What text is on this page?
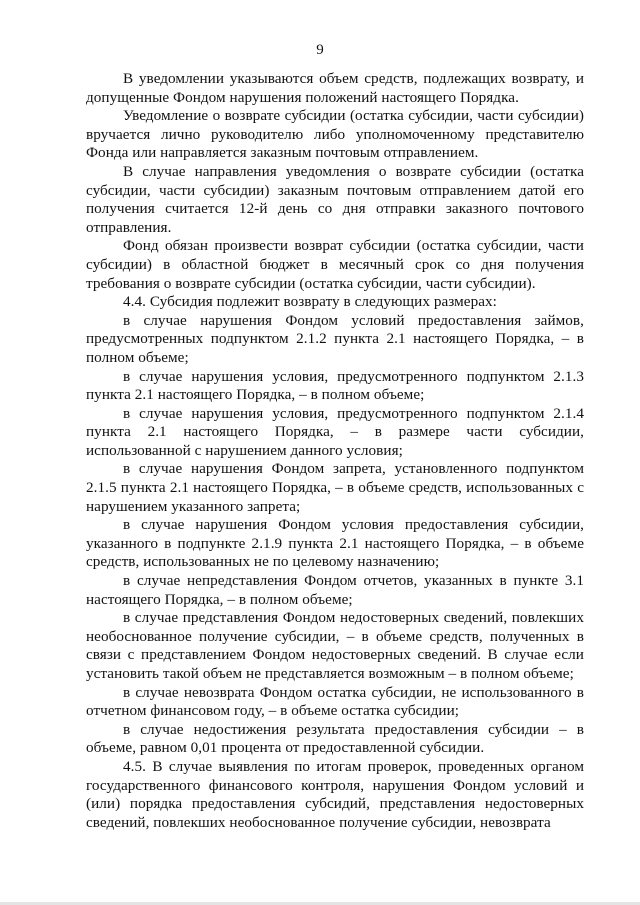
9

В уведомлении указываются объем средств, подлежащих возврату, и допущенные Фондом нарушения положений настоящего Порядка.

Уведомление о возврате субсидии (остатка субсидии, части субсидии) вручается лично руководителю либо уполномоченному представителю Фонда или направляется заказным почтовым отправлением.

В случае направления уведомления о возврате субсидии (остатка субсидии, части субсидии) заказным почтовым отправлением датой его получения считается 12-й день со дня отправки заказного почтового отправления.

Фонд обязан произвести возврат субсидии (остатка субсидии, части субсидии) в областной бюджет в месячный срок со дня получения требования о возврате субсидии (остатка субсидии, части субсидии).

4.4. Субсидия подлежит возврату в следующих размерах:

в случае нарушения Фондом условий предоставления займов, предусмотренных подпунктом 2.1.2 пункта 2.1 настоящего Порядка, – в полном объеме;

в случае нарушения условия, предусмотренного подпунктом 2.1.3 пункта 2.1 настоящего Порядка, – в полном объеме;

в случае нарушения условия, предусмотренного подпунктом 2.1.4 пункта 2.1 настоящего Порядка, – в размере части субсидии, использованной с нарушением данного условия;

в случае нарушения Фондом запрета, установленного подпунктом 2.1.5 пункта 2.1 настоящего Порядка, – в объеме средств, использованных с нарушением указанного запрета;

в случае нарушения Фондом условия предоставления субсидии, указанного в подпункте 2.1.9 пункта 2.1 настоящего Порядка, – в объеме средств, использованных не по целевому назначению;

в случае непредставления Фондом отчетов, указанных в пункте 3.1 настоящего Порядка, – в полном объеме;

в случае представления Фондом недостоверных сведений, повлекших необоснованное получение субсидии, – в объеме средств, полученных в связи с представлением Фондом недостоверных сведений. В случае если установить такой объем не представляется возможным – в полном объеме;

в случае невозврата Фондом остатка субсидии, не использованного в отчетном финансовом году, – в объеме остатка субсидии;

в случае недостижения результата предоставления субсидии – в объеме, равном 0,01 процента от предоставленной субсидии.

4.5. В случае выявления по итогам проверок, проведенных органом государственного финансового контроля, нарушения Фондом условий и (или) порядка предоставления субсидий, представления недостоверных сведений, повлекших необоснованное получение субсидии, невозврата
